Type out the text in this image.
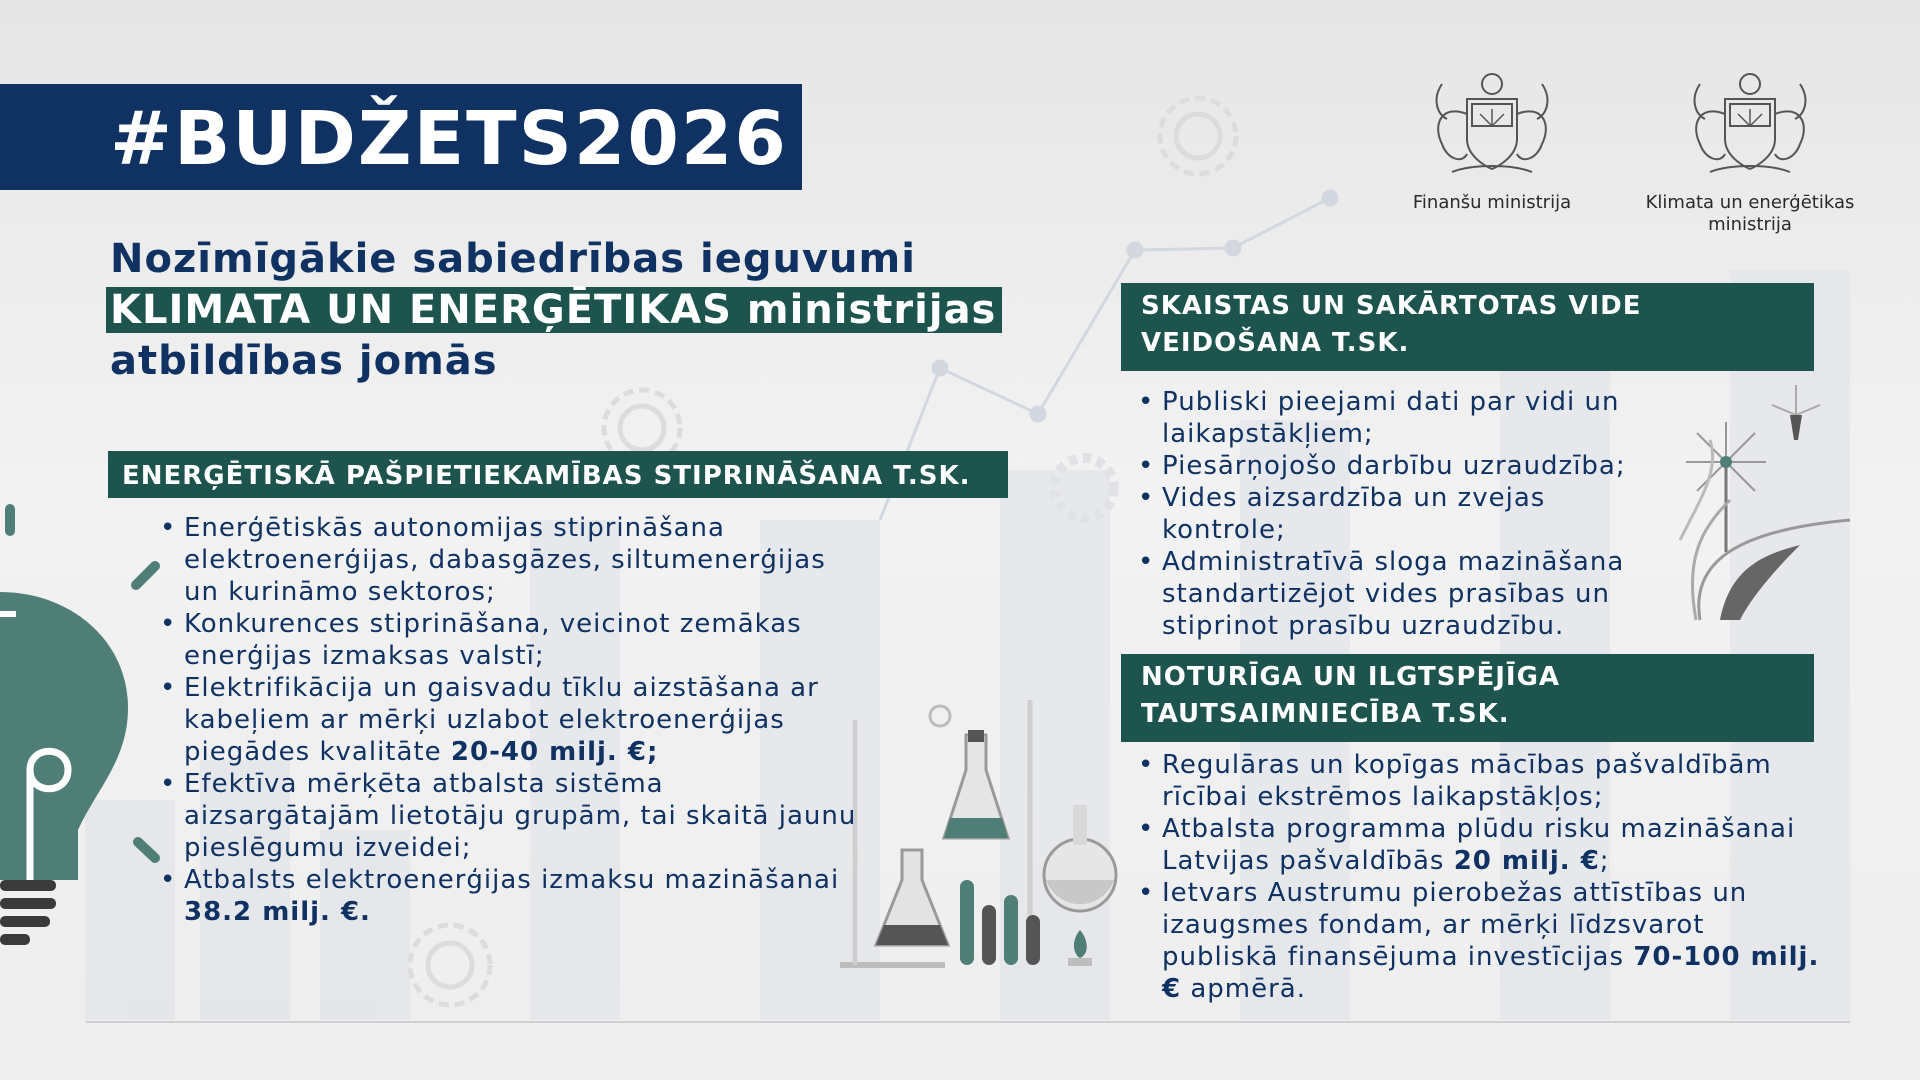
#BUDŽETS2026
Finanšu ministrija	Klimata un enerģētikas ministrija
Nozīmīgākie sabiedrības ieguvumi
KLIMATA UN ENERĢĒTIKAS ministrijas
atbildības jomās
ENERĢĒTISKĀ PAŠPIETIEKAMĪBAS STIPRINĀŠANA T.SK.
• Enerģētiskās autonomijas stiprināšana elektroenerģijas, dabasgāzes, siltumenerģijas un kurināmo sektoros;
• Konkurences stiprināšana, veicinot zemākas enerģijas izmaksas valstī;
• Elektrifikācija un gaisvadu tīklu aizstāšana ar kabeļiem ar mērķi uzlabot elektroenerģijas piegādes kvalitāte 20-40 milj. €;
• Efektīva mērķēta atbalsta sistēma aizsargātajām lietotāju grupām, tai skaitā jaunu pieslēgumu izveidei;
• Atbalsts elektroenerģijas izmaksu mazināšanai 38.2 milj. €.
SKAISTAS UN SAKĀRTOTAS VIDE VEIDOŠANA T.SK.
• Publiski pieejami dati par vidi un laikapstākļiem;
• Piesārņojošo darbību uzraudzība;
• Vides aizsardzība un zvejas kontrole;
• Administratīvā sloga mazināšana standartizējot vides prasības un stiprinot prasību uzraudzību.
NOTURĪGA UN ILGTSPĒJĪGA TAUTSAIMNIECĪBA T.SK.
• Regulāras un kopīgas mācības pašvaldībām rīcībai ekstrēmos laikapstākļos;
• Atbalsta programma plūdu risku mazināšanai Latvijas pašvaldībās 20 milj. €;
• Ietvars Austrumu pierobežas attīstības un izaugsmes fondam, ar mērķi līdzsvarot publiskā finansējuma investīcijas 70-100 milj. € apmērā.
